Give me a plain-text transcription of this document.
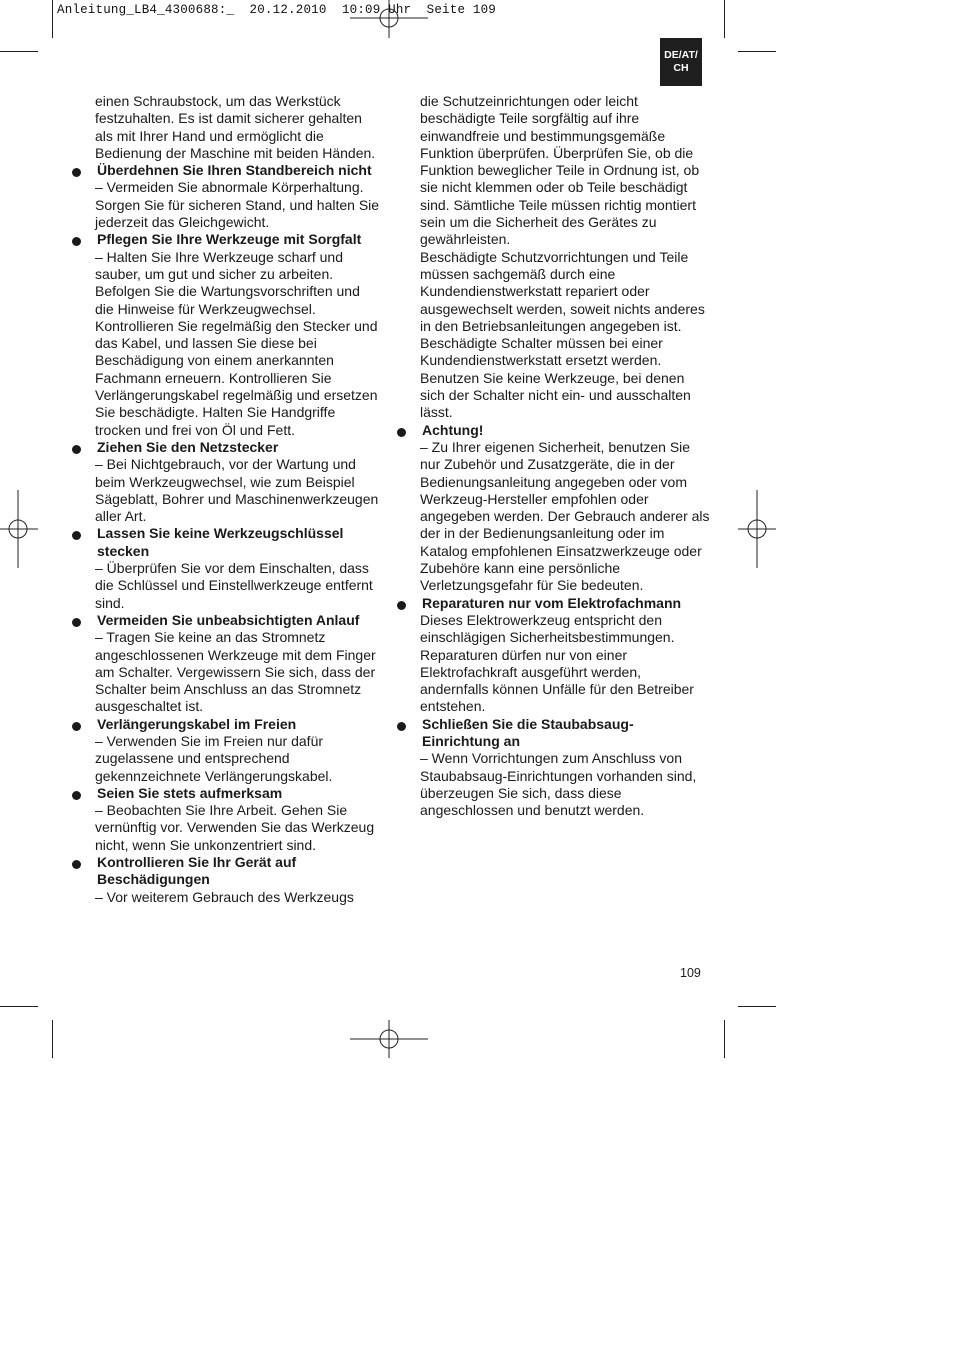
Anleitung_LB4_4300688:_  20.12.2010  10:09 Uhr  Seite 109
DE/AT/
CH

einen Schraubstock, um das Werkstück festzuhalten. Es ist damit sicherer gehalten als mit Ihrer Hand und ermöglicht die Bedienung der Maschine mit beiden Händen.

Überdehnen Sie Ihren Standbereich nicht

– Vermeiden Sie abnormale Körperhaltung. Sorgen Sie für sicheren Stand, und halten Sie jederzeit das Gleichgewicht.

Pflegen Sie Ihre Werkzeuge mit Sorgfalt

– Halten Sie Ihre Werkzeuge scharf und sauber, um gut und sicher zu arbeiten. Befolgen Sie die Wartungsvorschriften und die Hinweise für Werkzeugwechsel. Kontrollieren Sie regelmäßig den Stecker und das Kabel, und lassen Sie diese bei Beschädigung von einem anerkannten Fachmann erneuern. Kontrollieren Sie Verlängerungskabel regelmäßig und ersetzen Sie beschädigte. Halten Sie Handgriffe trocken und frei von Öl und Fett.

Ziehen Sie den Netzstecker

– Bei Nichtgebrauch, vor der Wartung und beim Werkzeugwechsel, wie zum Beispiel Sägeblatt, Bohrer und Maschinenwerkzeugen aller Art.

Lassen Sie keine Werkzeugschlüssel stecken

– Überprüfen Sie vor dem Einschalten, dass die Schlüssel und Einstellwerkzeuge entfernt sind.

Vermeiden Sie unbeabsichtigten Anlauf

– Tragen Sie keine an das Stromnetz angeschlossenen Werkzeuge mit dem Finger am Schalter. Vergewissern Sie sich, dass der Schalter beim Anschluss an das Stromnetz ausgeschaltet ist.

Verlängerungskabel im Freien

– Verwenden Sie im Freien nur dafür zugelassene und entsprechend gekennzeichnete Verlängerungskabel.

Seien Sie stets aufmerksam

– Beobachten Sie Ihre Arbeit. Gehen Sie vernünftig vor. Verwenden Sie das Werkzeug nicht, wenn Sie unkonzentriert sind.

Kontrollieren Sie Ihr Gerät auf Beschädigungen

– Vor weiterem Gebrauch des Werkzeugs

die Schutzeinrichtungen oder leicht beschädigte Teile sorgfältig auf ihre einwandfreie und bestimmungsgemäße Funktion überprüfen. Überprüfen Sie, ob die Funktion beweglicher Teile in Ordnung ist, ob sie nicht klemmen oder ob Teile beschädigt sind. Sämtliche Teile müssen richtig montiert sein um die Sicherheit des Gerätes zu gewährleisten.

Beschädigte Schutzvorrichtungen und Teile müssen sachgemäß durch eine Kundendienstwerkstatt repariert oder ausgewechselt werden, soweit nichts anderes in den Betriebsanleitungen angegeben ist. Beschädigte Schalter müssen bei einer Kundendienstwerkstatt ersetzt werden. Benutzen Sie keine Werkzeuge, bei denen sich der Schalter nicht ein- und ausschalten lässt.

Achtung!

– Zu Ihrer eigenen Sicherheit, benutzen Sie nur Zubehör und Zusatzgeräte, die in der Bedienungsanleitung angegeben oder vom Werkzeug-Hersteller empfohlen oder angegeben werden. Der Gebrauch anderer als der in der Bedienungsanleitung oder im Katalog empfohlenen Einsatzwerkzeuge oder Zubehöre kann eine persönliche Verletzungsgefahr für Sie bedeuten.

Reparaturen nur vom Elektrofachmann

Dieses Elektrowerkzeug entspricht den einschlägigen Sicherheitsbestimmungen. Reparaturen dürfen nur von einer Elektrofachkraft ausgeführt werden, andernfalls können Unfälle für den Betreiber entstehen.

Schließen Sie die Staubabsaug-Einrichtung an

– Wenn Vorrichtungen zum Anschluss von Staubabsaug-Einrichtungen vorhanden sind, überzeugen Sie sich, dass diese angeschlossen und benutzt werden.

109
